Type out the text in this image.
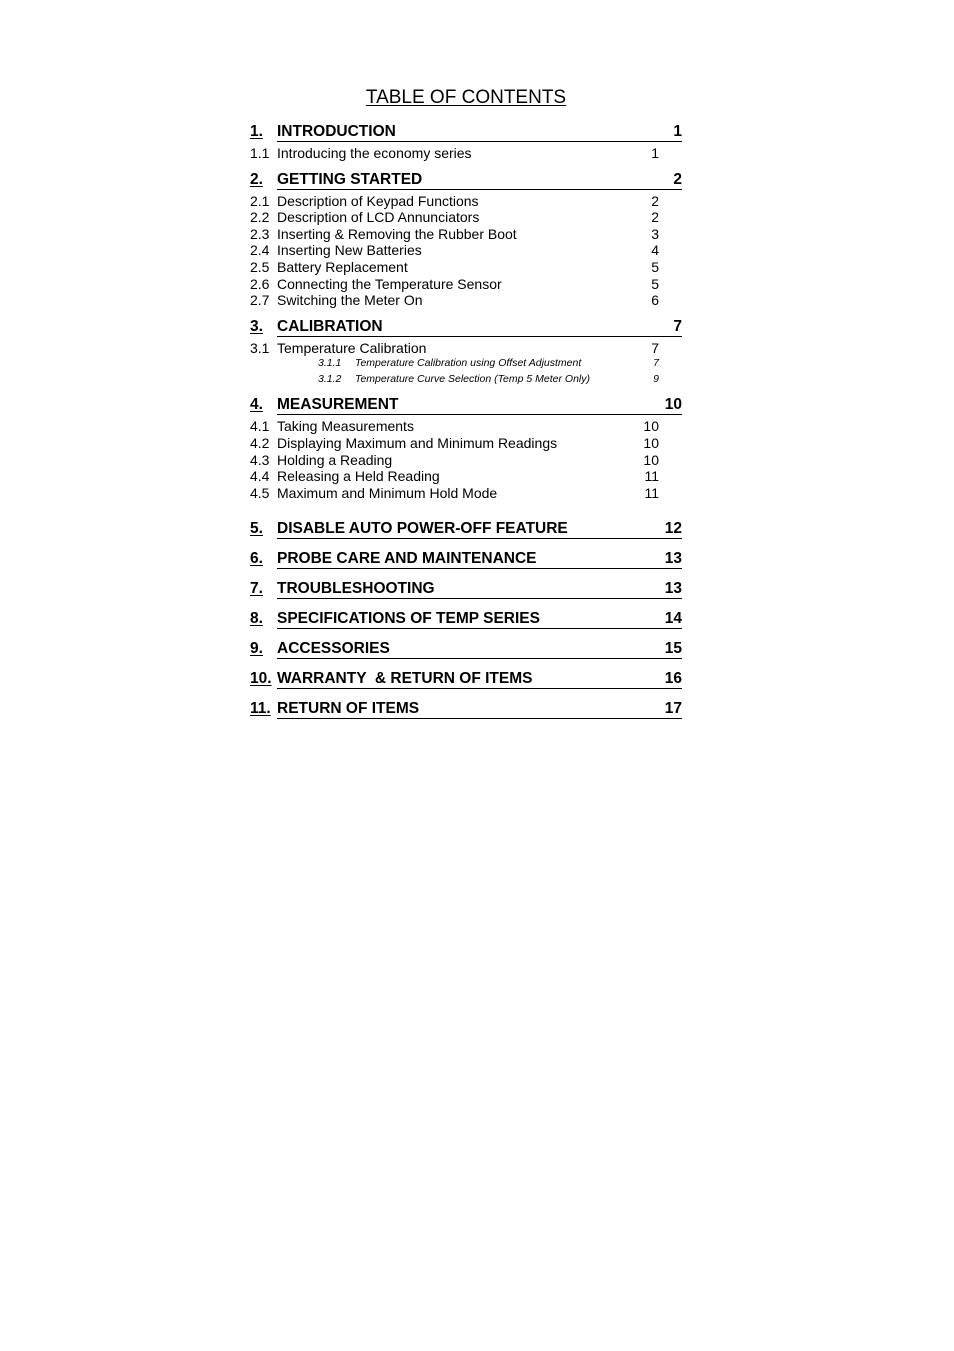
TABLE OF CONTENTS
1. INTRODUCTION	1
1.1 Introducing the economy series	1
2. GETTING STARTED	2
2.1 Description of Keypad Functions	2
2.2 Description of LCD Annunciators	2
2.3 Inserting & Removing the Rubber Boot	3
2.4 Inserting New Batteries	4
2.5 Battery Replacement	5
2.6 Connecting the Temperature Sensor	5
2.7 Switching the Meter On	6
3. CALIBRATION	7
3.1 Temperature Calibration	7
3.1.1	Temperature Calibration using Offset Adjustment	7
3.1.2	Temperature Curve Selection (Temp 5 Meter Only)	9
4. MEASUREMENT	10
4.1 Taking Measurements	10
4.2 Displaying Maximum and Minimum Readings	10
4.3 Holding a Reading	10
4.4 Releasing a Held Reading	11
4.5 Maximum and Minimum Hold Mode	11
5. DISABLE AUTO POWER-OFF FEATURE	12
6. PROBE CARE AND MAINTENANCE	13
7. TROUBLESHOOTING	13
8. SPECIFICATIONS OF TEMP SERIES	14
9. ACCESSORIES	15
10. WARRANTY  & RETURN OF ITEMS	16
11. RETURN OF ITEMS	17
